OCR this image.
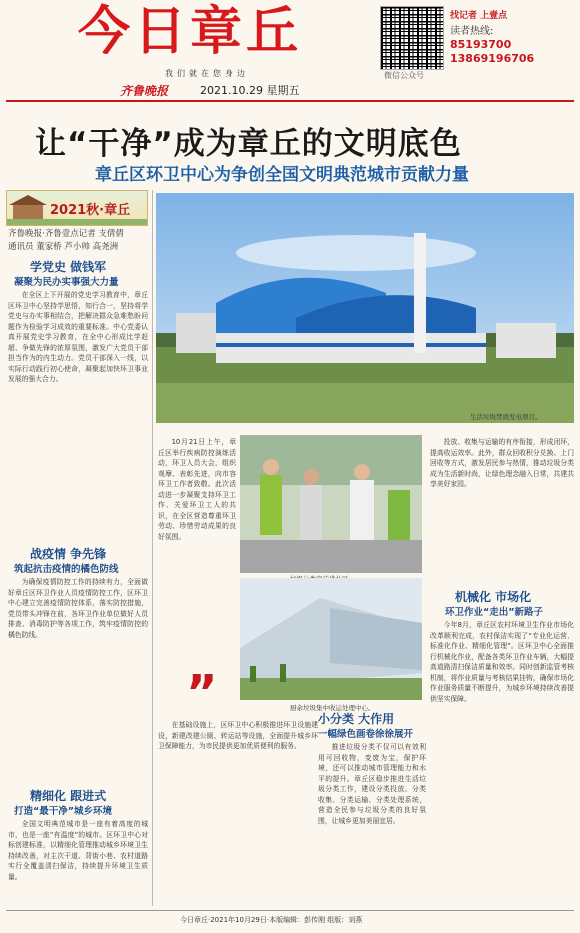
今日章丘
我们就在您身边
齐鲁晚报	2021.10.29 星期五
微信公众号
找记者 上壹点
读者热线:
85193700
13869196706
让“干净”成为章丘的文明底色
章丘区环卫中心为争创全国文明典范城市贡献力量
2021秋·章丘
齐鲁晚报·齐鲁壹点记者 支倩倩
通讯员 董家桥 芦小帅 高尧洲
学党史 做钱军
凝聚为民办实事强大力量
在全区上下开展的党史学习教育中，章丘区环卫中心坚持学思悟，知行合一，坚持将学党史与办实事相结合，把解决群众急难愁盼问题作为检验学习成效的重要标准。中心党委认真开展党史学习教育，在全中心形成比学赶超、争做先锋的浓厚氛围，激发广大党员干部担当作为的内生动力。党员干部深入一线，以实际行动践行初心使命，凝聚起加快环卫事业发展的强大合力。
战疫情 争先锋
筑起抗击疫情的橘色防线
为确保疫情防控工作的持续有力，全面做好章丘区环卫作业人员疫情防控工作，区环卫中心建立完善疫情防控体系，落实防控措施，党员带头冲锋在前，各环卫作业单位做好人员排查、消毒防护等各项工作，筑牢疫情防控的橘色防线。
精细化 跟进式
打造“最干净”城乡环境
全国文明典范城市是一座有着高度的城市，也是一座“有温度”的城市。区环卫中心对标创建标准，以精细化管理推动城乡环境卫生持续改善，对主次干道、背街小巷、农村道路实行全覆盖清扫保洁，持续提升环境卫生质量。
生活垃圾焚烧发电项目。
10月21日上午，章丘区举行疾病防控演练活动，环卫人员大会，组织观摩、表彰先进，向市容环卫工作者致敬。此次活动进一步凝聚支持环卫工作、关爱环卫工人的共识，在全区营造尊重环卫劳动、珍惜劳动成果的良好氛围。
”
在基础设施上，区环卫中心积极推进环卫设施建设，新建改建公厕、转运站等设施，全面提升城乡环卫保障能力，为市民提供更加优质便利的服务。
厨余垃圾集中收运处理中心。
小分类 大作用
一幅绿色画卷徐徐展开
推进垃圾分类不仅可以有效利用可回收物，变废为宝，保护环境，还可以推动城市管理能力和水平的提升。章丘区稳步推进生活垃圾分类工作，建设分类投放、分类收集、分类运输、分类处理系统，营造全民参与垃圾分类的良好氛围，让城乡更加美丽宜居。
投放、收集与运输的有序衔接，形成闭环，提高收运效率。此外，群众回收积分兑换、上门回收等方式，激发居民参与热情，推动垃圾分类成为生活新时尚，让绿色理念融入日常，共建共享美好家园。
机械化 市场化
环卫作业“走出”新路子
今年8月，章丘区农村环境卫生作业市场化改革顺利完成，农村保洁实现了“专业化运营、标准化作业、精细化管理”。区环卫中心全面推行机械化作业，配备各类环卫作业车辆，大幅提高道路清扫保洁质量和效率。同时创新监管考核机制，将作业质量与考核结果挂钩，确保市场化作业服务质量不断提升，为城乡环境持续改善提供坚实保障。
今日章丘·2021年10月29日·本版编辑：彭传刚 组版：刘燕
